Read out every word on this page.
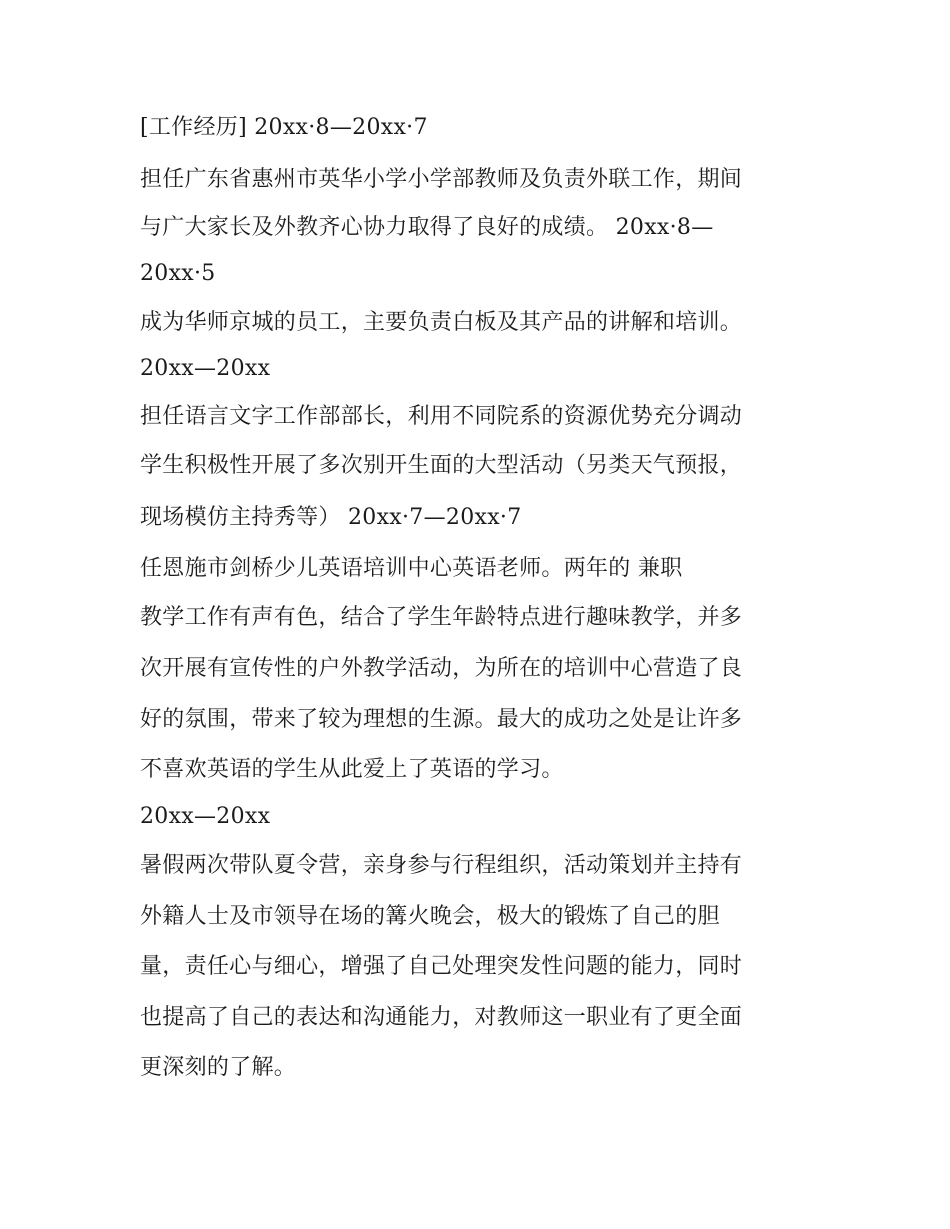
[工作经历] 20xx·8—20xx·7
担任广东省惠州市英华小学小学部教师及负责外联工作，期间
与广大家长及外教齐心协力取得了良好的成绩。 20xx·8—
20xx·5
成为华师京城的员工，主要负责白板及其产品的讲解和培训。
20xx—20xx
担任语言文字工作部部长，利用不同院系的资源优势充分调动
学生积极性开展了多次别开生面的大型活动（另类天气预报，
现场模仿主持秀等） 20xx·7—20xx·7
任恩施市剑桥少儿英语培训中心英语老师。两年的 兼职
教学工作有声有色，结合了学生年龄特点进行趣味教学，并多
次开展有宣传性的户外教学活动，为所在的培训中心营造了良
好的氛围，带来了较为理想的生源。最大的成功之处是让许多
不喜欢英语的学生从此爱上了英语的学习。
20xx—20xx
暑假两次带队夏令营，亲身参与行程组织，活动策划并主持有
外籍人士及市领导在场的篝火晚会，极大的锻炼了自己的胆
量，责任心与细心，增强了自己处理突发性问题的能力，同时
也提高了自己的表达和沟通能力，对教师这一职业有了更全面
更深刻的了解。
